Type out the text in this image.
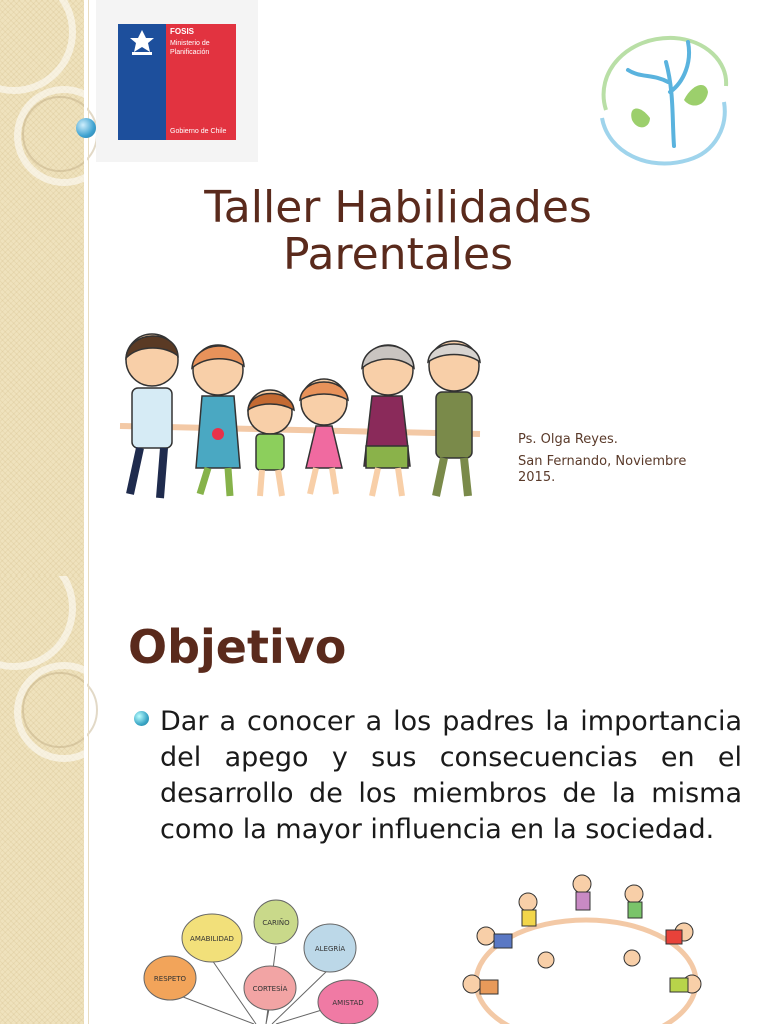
FOSIS
Ministerio de
Planificación
Gobierno de Chile
Taller Habilidades
Parentales
Ps. Olga Reyes.
San Fernando, Noviembre 2015.
Objetivo
Dar a conocer a los padres la importancia del apego y sus consecuencias en el desarrollo de los miembros de la misma como la mayor influencia en la sociedad.
CARIÑO
AMABILIDAD
ALEGRÍA
RESPETO
CORTESÍA
AMISTAD
